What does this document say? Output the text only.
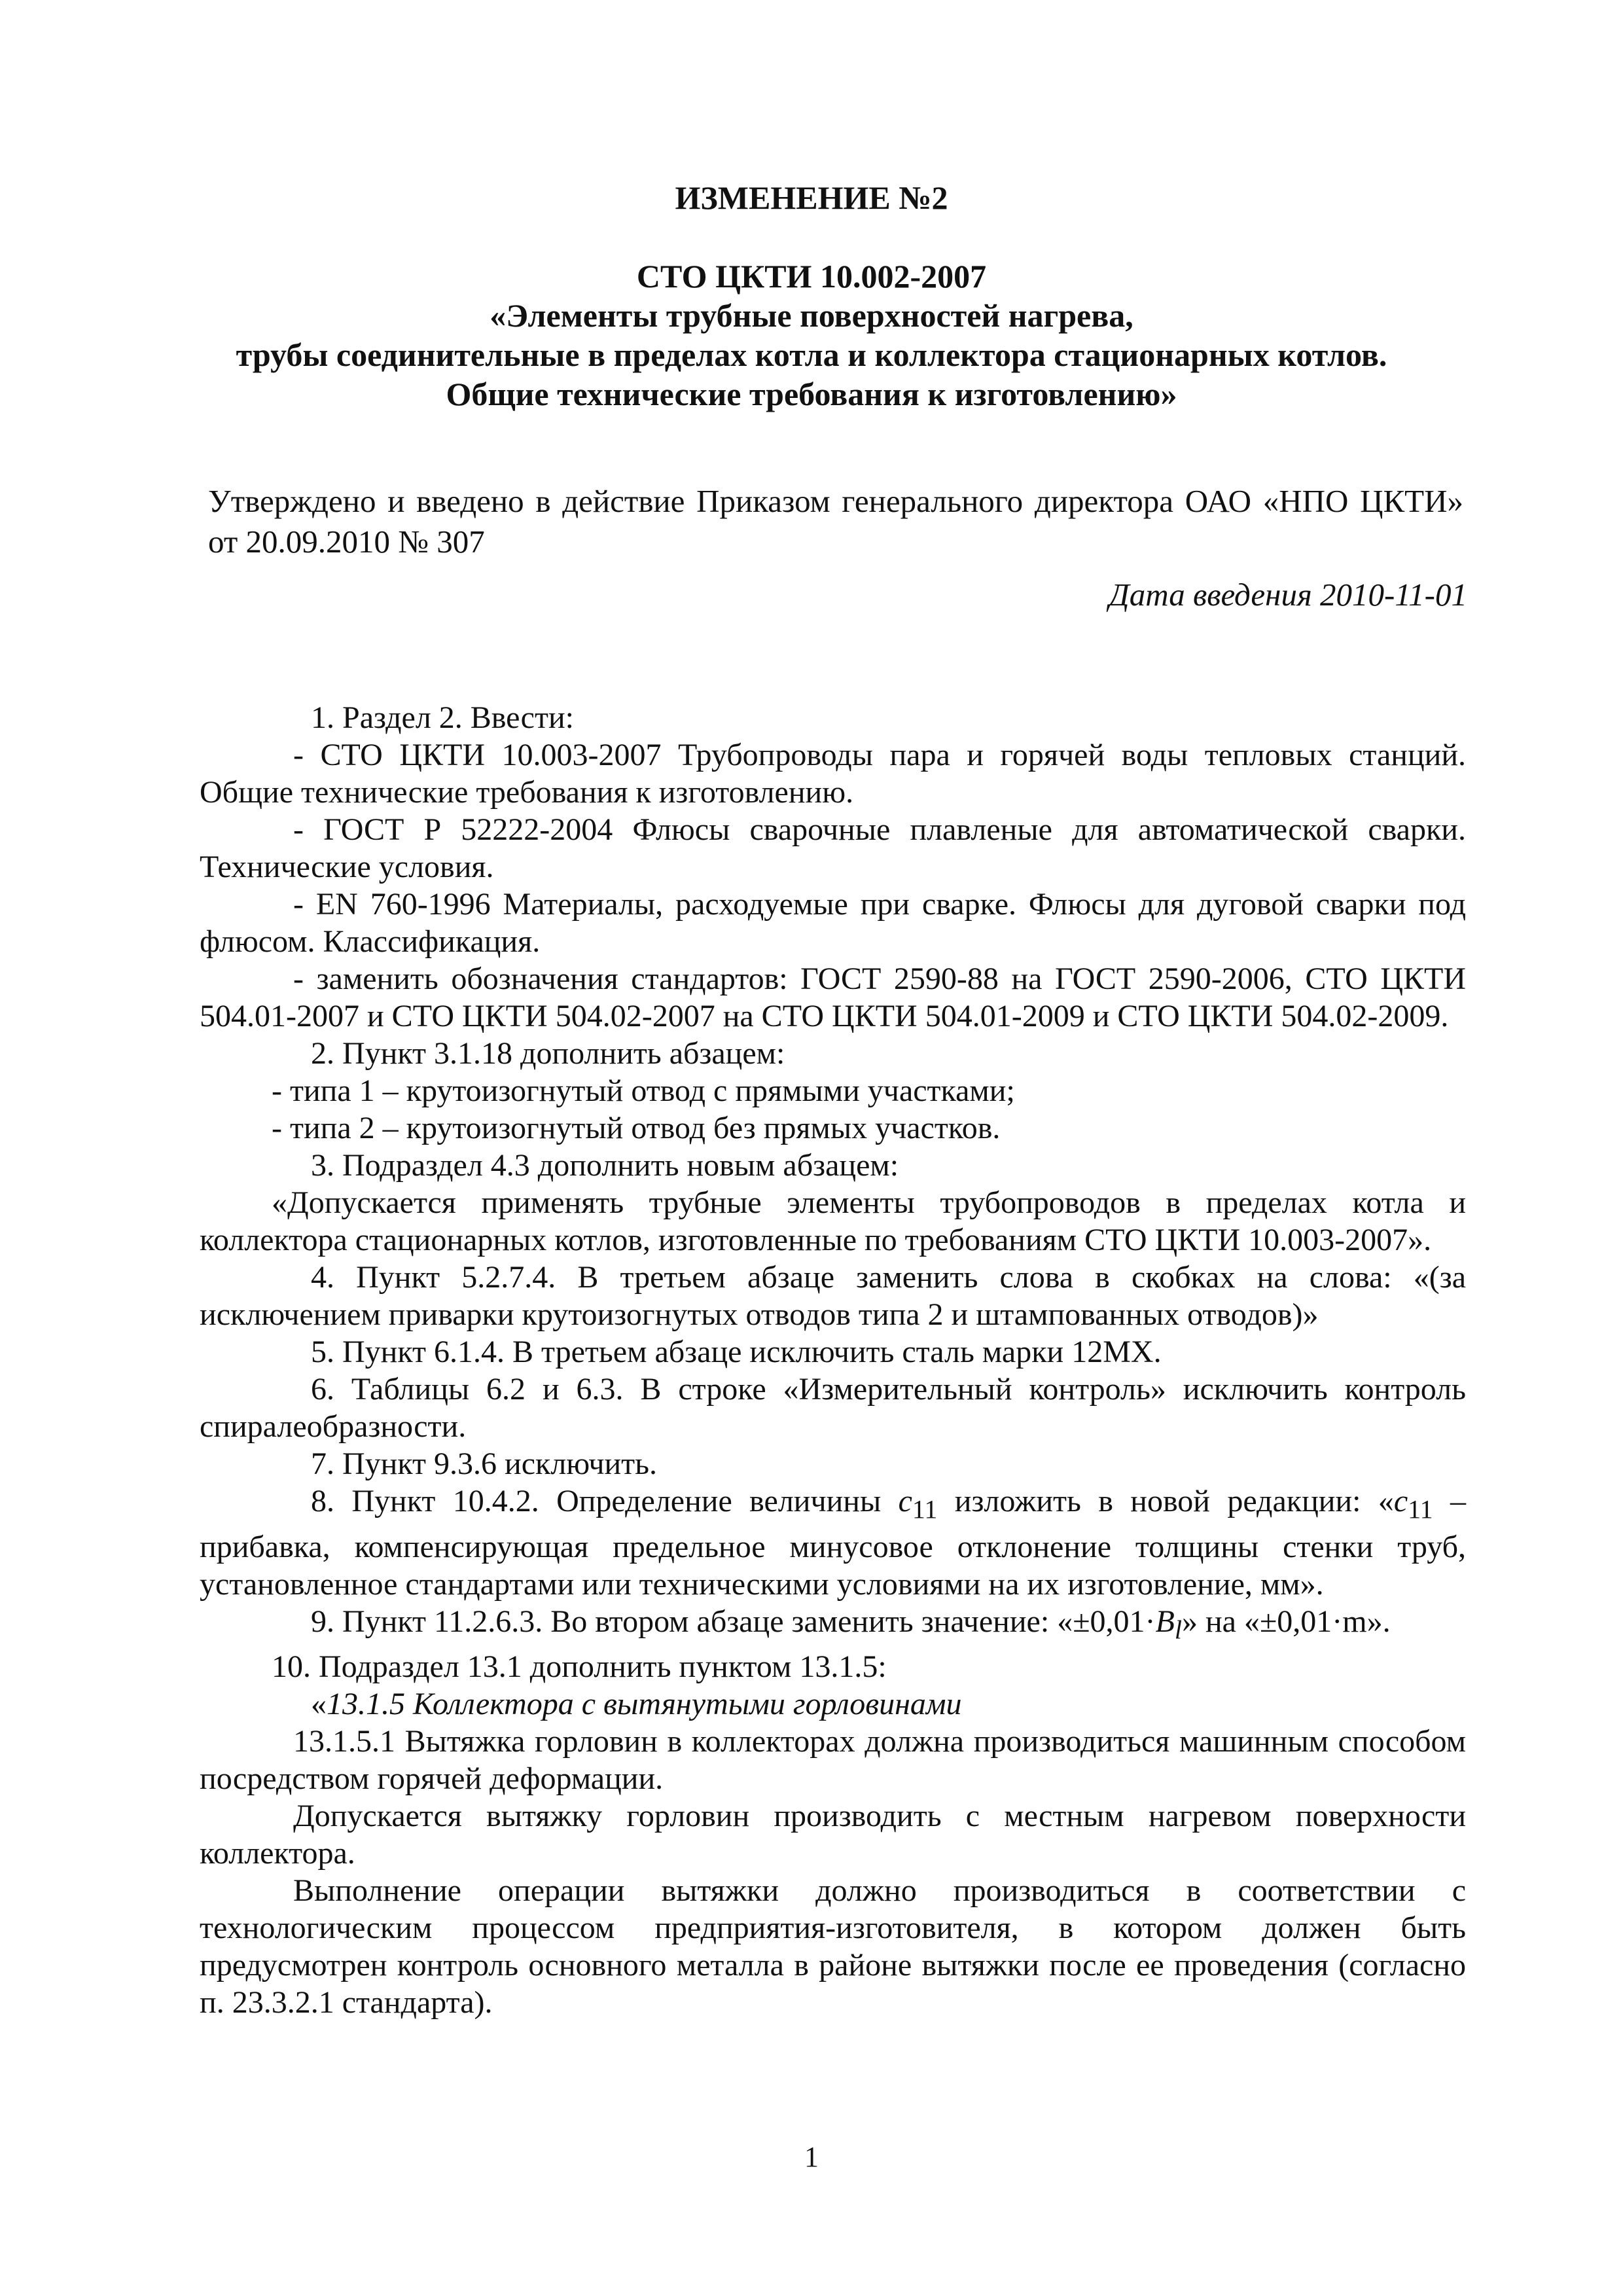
ИЗМЕНЕНИЕ №2
СТО ЦКТИ 10.002-2007
«Элементы трубные поверхностей нагрева,
трубы соединительные в пределах котла и коллектора стационарных котлов.
Общие технические требования к изготовлению»
Утверждено и введено в действие Приказом генерального директора ОАО «НПО ЦКТИ»
от 20.09.2010 № 307
Дата введения 2010-11-01

1. Раздел 2. Ввести:

- СТО ЦКТИ 10.003-2007 Трубопроводы пара и горячей воды тепловых станций. Общие технические требования к изготовлению.

- ГОСТ Р 52222-2004 Флюсы сварочные плавленые для автоматической сварки. Технические условия.

- EN 760-1996 Материалы, расходуемые при сварке. Флюсы для дуговой сварки под флюсом. Классификация.

- заменить обозначения стандартов: ГОСТ 2590-88 на ГОСТ 2590-2006, СТО ЦКТИ 504.01-2007 и СТО ЦКТИ 504.02-2007 на СТО ЦКТИ 504.01-2009 и СТО ЦКТИ 504.02-2009.

2. Пункт 3.1.18 дополнить абзацем:

- типа 1 – крутоизогнутый отвод с прямыми участками;

- типа 2 – крутоизогнутый отвод без прямых участков.

3. Подраздел 4.3 дополнить новым абзацем:

«Допускается применять трубные элементы трубопроводов в пределах котла и коллектора стационарных котлов, изготовленные по требованиям СТО ЦКТИ 10.003-2007».

4. Пункт 5.2.7.4. В третьем абзаце заменить слова в скобках на слова: «(за исключением приварки крутоизогнутых отводов типа 2 и штампованных отводов)»

5. Пункт 6.1.4. В третьем абзаце исключить сталь марки 12МХ.

6. Таблицы 6.2 и 6.3. В строке «Измерительный контроль» исключить контроль спиралеобразности.

7. Пункт 9.3.6 исключить.

8. Пункт 10.4.2. Определение величины $c_{11}$ изложить в новой редакции: «$c_{11}$ – прибавка, компенсирующая предельное минусовое отклонение толщины стенки труб, установленное стандартами или техническими условиями на их изготовление, мм».

9. Пункт 11.2.6.3. Во втором абзаце заменить значение: «$\pm 0,01\cdot B_l$» на «±0,01·m».

10. Подраздел 13.1 дополнить пунктом 13.1.5:

«13.1.5 Коллектора с вытянутыми горловинами

13.1.5.1 Вытяжка горловин в коллекторах должна производиться машинным способом посредством горячей деформации.

Допускается вытяжку горловин производить с местным нагревом поверхности коллектора.

Выполнение операции вытяжки должно производиться в соответствии с технологическим процессом предприятия-изготовителя, в котором должен быть предусмотрен контроль основного металла в районе вытяжки после ее проведения (согласно п. 23.3.2.1 стандарта).

1
